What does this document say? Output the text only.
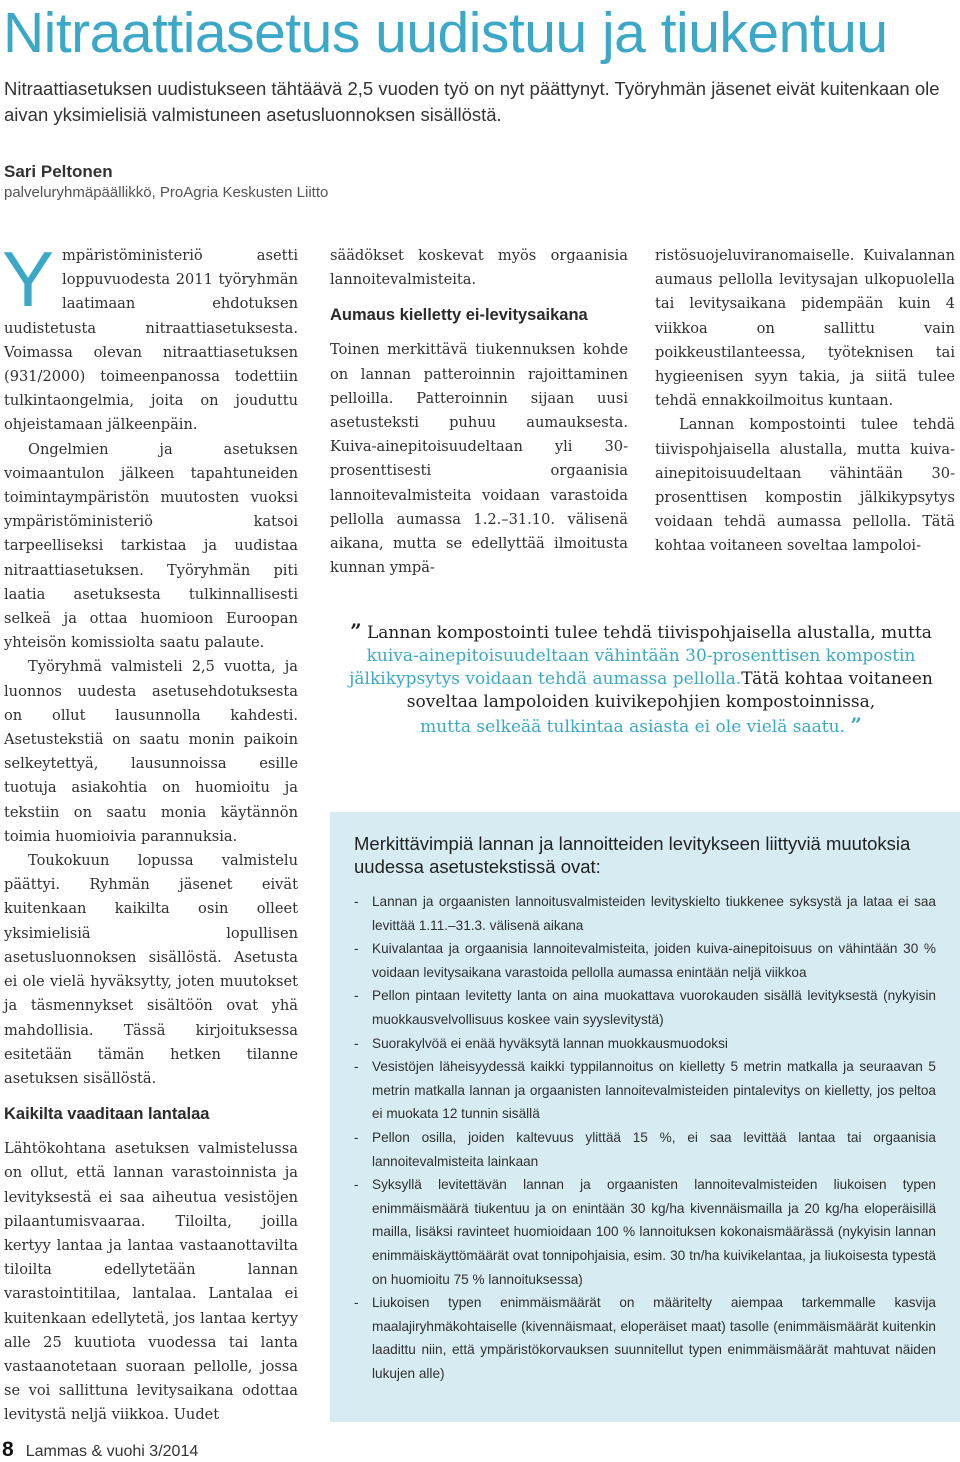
Nitraattiasetus uudistuu ja tiukentuu

Nitraattiasetuksen uudistukseen tähtäävä 2,5 vuoden työ on nyt päättynyt. Työryhmän jäsenet eivät kuitenkaan ole aivan yksimielisiä valmistuneen asetusluonnoksen sisällöstä.

Sari Peltonen

palveluryhmäpäällikkö, ProAgria Keskusten Liitto

Ympäristöministeriö asetti loppuvuodesta 2011 työryhmän laatimaan ehdotuksen uudistetusta nitraattiasetuksesta. Voimassa olevan nitraattiasetuksen (931/2000) toimeenpanossa todettiin tulkintaongelmia, joita on jouduttu ohjeistamaan jälkeenpäin.

Ongelmien ja asetuksen voimaantulon jälkeen tapahtuneiden toimintaympäristön muutosten vuoksi ympäristöministeriö katsoi tarpeelliseksi tarkistaa ja uudistaa nitraattiasetuksen. Työryhmän piti laatia asetuksesta tulkinnallisesti selkeä ja ottaa huomioon Euroopan yhteisön komissiolta saatu palaute.

Työryhmä valmisteli 2,5 vuotta, ja luonnos uudesta asetusehdotuksesta on ollut lausunnolla kahdesti. Asetustekstiä on saatu monin paikoin selkeytettyä, lausunnoissa esille tuotuja asiakohtia on huomioitu ja tekstiin on saatu monia käytännön toimia huomioivia parannuksia.

Toukokuun lopussa valmistelu päättyi. Ryhmän jäsenet eivät kuitenkaan kaikilta osin olleet yksimielisiä lopullisen asetusluonnoksen sisällöstä. Asetusta ei ole vielä hyväksytty, joten muutokset ja täsmennykset sisältöön ovat yhä mahdollisia. Tässä kirjoituksessa esitetään tämän hetken tilanne asetuksen sisällöstä.

Kaikilta vaaditaan lantalaa

Lähtökohtana asetuksen valmistelussa on ollut, että lannan varastoinnista ja levityksestä ei saa aiheutua vesistöjen pilaantumisvaaraa. Tiloilta, joilla kertyy lantaa ja lantaa vastaanottavilta tiloilta edellytetään lannan varastointitilaa, lantalaa. Lantalaa ei kuitenkaan edellytetä, jos lantaa kertyy alle 25 kuutiota vuodessa tai lanta vastaanotetaan suoraan pellolle, jossa se voi sallittuna levitysaikana odottaa levitystä neljä viikkoa. Uudet

säädökset koskevat myös orgaanisia lannoitevalmisteita.

Aumaus kielletty ei-levitysaikana

Toinen merkittävä tiukennuksen kohde on lannan patteroinnin rajoittaminen pelloilla. Patteroinnin sijaan uusi asetusteksti puhuu aumauksesta. Kuiva-ainepitoisuudeltaan yli 30-prosenttisesti orgaanisia lannoitevalmisteita voidaan varastoida pellolla aumassa 1.2.–31.10. välisenä aikana, mutta se edellyttää ilmoitusta kunnan ympä-

ristösuojeluviranomaiselle. Kuivalannan aumaus pellolla levitysajan ulkopuolella tai levitysaikana pidempään kuin 4 viikkoa on sallittu vain poikkeustilanteessa, työteknisen tai hygieenisen syyn takia, ja siitä tulee tehdä ennakkoilmoitus kuntaan.

Lannan kompostointi tulee tehdä tiivispohjaisella alustalla, mutta kuiva-ainepitoisuudeltaan vähintään 30-prosenttisen kompostin jälkikypsytys voidaan tehdä aumassa pellolla. Tätä kohtaa voitaneen soveltaa lampoloi-

” Lannan kompostointi tulee tehdä tiivispohjaisella alustalla, mutta kuiva-ainepitoisuudeltaan vähintään 30-prosenttisen kompostin jälkikypsytys voidaan tehdä aumassa pellolla.Tätä kohtaa voitaneen soveltaa lampoloiden kuivikepohjien kompostoinnissa,
mutta selkeää tulkintaa asiasta ei ole vielä saatu. ”

Merkittävimpiä lannan ja lannoitteiden levitykseen liittyviä muutoksia uudessa asetustekstissä ovat:
- Lannan ja orgaanisten lannoitusvalmisteiden levityskielto tiukkenee syksystä ja lataa ei saa levittää 1.11.–31.3. välisenä aikana
- Kuivalantaa ja orgaanisia lannoitevalmisteita, joiden kuiva-ainepitoisuus on vähintään 30 % voidaan levitysaikana varastoida pellolla aumassa enintään neljä viikkoa
- Pellon pintaan levitetty lanta on aina muokattava vuorokauden sisällä levityksestä (nykyisin muokkausvelvollisuus koskee vain syyslevitystä)
- Suorakylvöä ei enää hyväksytä lannan muokkausmuodoksi
- Vesistöjen läheisyydessä kaikki typpilannoitus on kielletty 5 metrin matkalla ja seuraavan 5 metrin matkalla lannan ja orgaanisten lannoitevalmisteiden pintalevitys on kielletty, jos peltoa ei muokata 12 tunnin sisällä
- Pellon osilla, joiden kaltevuus ylittää 15 %, ei saa levittää lantaa tai orgaanisia lannoitevalmisteita lainkaan
- Syksyllä levitettävän lannan ja orgaanisten lannoitevalmisteiden liukoisen typen enimmäismäärä tiukentuu ja on enintään 30 kg/ha kivennäismailla ja 20 kg/ha eloperäisillä mailla, lisäksi ravinteet huomioidaan 100 % lannoituksen kokonaismäärässä (nykyisin lannan enimmäiskäyttömäärät ovat tonnipohjaisia, esim. 30 tn/ha kuivikelantaa, ja liukoisesta typestä on huomioitu 75 % lannoituksessa)
- Liukoisen typen enimmäismäärät on määritelty aiempaa tarkemmalle kasvija maalajiryhmäkohtaiselle (kivennäismaat, eloperäiset maat) tasolle (enimmäismäärät kuitenkin laadittu niin, että ympäristökorvauksen suunnitellut typen enimmäismäärät mahtuvat näiden lukujen alle)

8 Lammas & vuohi 3/2014
